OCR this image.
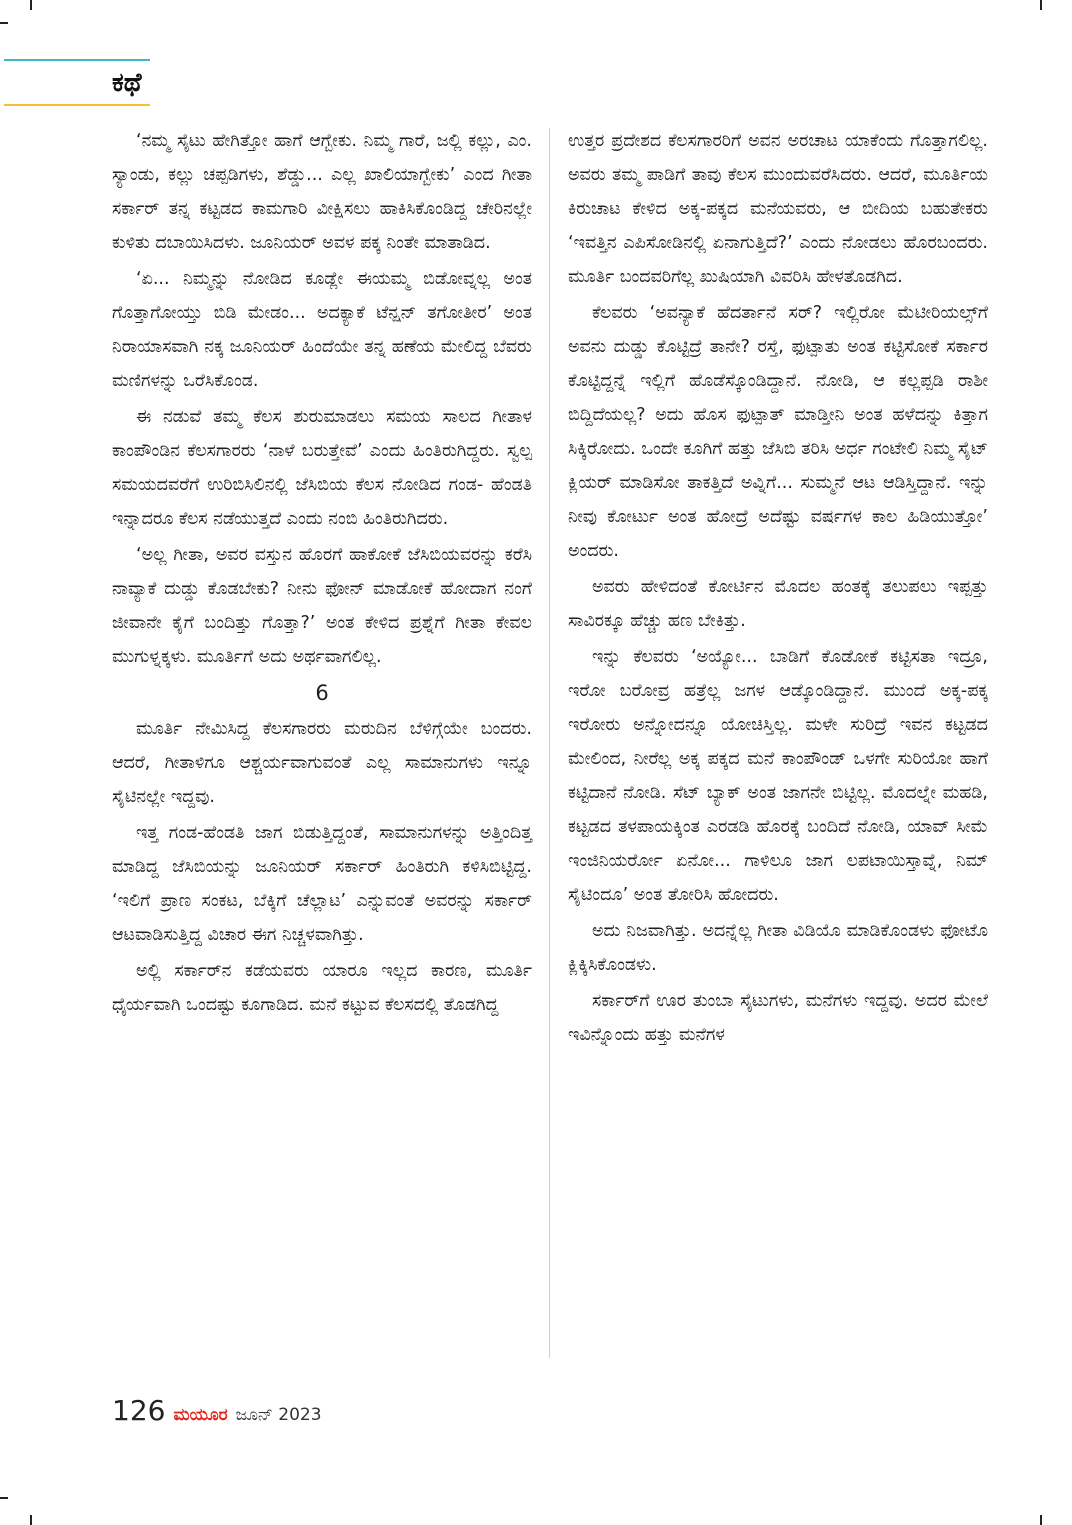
ಕಥೆ

‘ನಮ್ಮ ಸೈಟು ಹೇಗಿತ್ತೋ ಹಾಗೆ ಆಗ್ಬೇಕು. ನಿಮ್ಮ ಗಾರೆ, ಜಲ್ಲಿ ಕಲ್ಲು, ಎಂ. ಸ್ಯಾಂಡು, ಕಲ್ಲು ಚಪ್ಪಡಿಗಳು, ಶೆಡ್ಡು... ಎಲ್ಲ ಖಾಲಿಯಾಗ್ಬೇಕು’ ಎಂದ ಗೀತಾ ಸರ್ಕಾರ್ ತನ್ನ ಕಟ್ಟಡದ ಕಾಮಗಾರಿ ವೀಕ್ಷಿಸಲು ಹಾಕಿಸಿಕೊಂಡಿದ್ದ ಚೇರಿನಲ್ಲೇ ಕುಳಿತು ದಬಾಯಿಸಿದಳು. ಜೂನಿಯರ್ ಅವಳ ಪಕ್ಕ ನಿಂತೇ ಮಾತಾಡಿದ.

‘ಏ... ನಿಮ್ಮನ್ನು ನೋಡಿದ ಕೂಡ್ಲೇ ಈಯಮ್ಮ ಬಿಡೋವ್ನಲ್ಲ ಅಂತ ಗೊತ್ತಾಗೋಯ್ತು ಬಿಡಿ ಮೇಡಂ... ಅದಕ್ಯಾಕೆ ಟೆನ್ಷನ್ ತಗೋತೀರ’ ಅಂತ ನಿರಾಯಾಸವಾಗಿ ನಕ್ಕ ಜೂನಿಯರ್ ಹಿಂದೆಯೇ ತನ್ನ ಹಣೆಯ ಮೇಲಿದ್ದ ಬೆವರು ಮಣಿಗಳನ್ನು ಒರೆಸಿಕೊಂಡ.

ಈ ನಡುವೆ ತಮ್ಮ ಕೆಲಸ ಶುರುಮಾಡಲು ಸಮಯ ಸಾಲದ ಗೀತಾಳ ಕಾಂಪೌಂಡಿನ ಕೆಲಸಗಾರರು ‘ನಾಳೆ ಬರುತ್ತೇವೆ’ ಎಂದು ಹಿಂತಿರುಗಿದ್ದರು. ಸ್ವಲ್ಪ ಸಮಯದವರೆಗೆ ಉರಿಬಿಸಿಲಿನಲ್ಲಿ ಜೆಸಿಬಿಯ ಕೆಲಸ ನೋಡಿದ ಗಂಡ- ಹೆಂಡತಿ ಇನ್ನಾದರೂ ಕೆಲಸ ನಡೆಯುತ್ತದೆ ಎಂದು ನಂಬಿ ಹಿಂತಿರುಗಿದರು.

‘ಅಲ್ಲ ಗೀತಾ, ಅವರ ವಸ್ತುನ ಹೊರಗೆ ಹಾಕೋಕೆ ಜೆಸಿಬಿಯವರನ್ನು ಕರೆಸಿ ನಾವ್ಯಾಕೆ ದುಡ್ಡು ಕೊಡಬೇಕು? ನೀನು ಫೋನ್ ಮಾಡೋಕೆ ಹೋದಾಗ ನಂಗೆ ಜೀವಾನೇ ಕೈಗೆ ಬಂದಿತ್ತು ಗೊತ್ತಾ?’ ಅಂತ ಕೇಳಿದ ಪ್ರಶ್ನೆಗೆ ಗೀತಾ ಕೇವಲ ಮುಗುಳ್ನಕ್ಕಳು. ಮೂರ್ತಿಗೆ ಅದು ಅರ್ಥವಾಗಲಿಲ್ಲ.

6

ಮೂರ್ತಿ ನೇಮಿಸಿದ್ದ ಕೆಲಸಗಾರರು ಮರುದಿನ ಬೆಳಿಗ್ಗೆಯೇ ಬಂದರು. ಆದರೆ, ಗೀತಾಳಿಗೂ ಆಶ್ಚರ್ಯವಾಗುವಂತೆ ಎಲ್ಲ ಸಾಮಾನುಗಳು ಇನ್ನೂ ಸೈಟಿನಲ್ಲೇ ಇದ್ದವು.

ಇತ್ತ ಗಂಡ-ಹೆಂಡತಿ ಜಾಗ ಬಿಡುತ್ತಿದ್ದಂತೆ, ಸಾಮಾನುಗಳನ್ನು ಅತ್ತಿಂದಿತ್ತ ಮಾಡಿದ್ದ ಜೆಸಿಬಿಯನ್ನು ಜೂನಿಯರ್ ಸರ್ಕಾರ್ ಹಿಂತಿರುಗಿ ಕಳಿಸಿಬಿಟ್ಟಿದ್ದ. ‘ಇಲಿಗೆ ಪ್ರಾಣ ಸಂಕಟ, ಬೆಕ್ಕಿಗೆ ಚೆಲ್ಲಾಟ’ ಎನ್ನುವಂತೆ ಅವರನ್ನು ಸರ್ಕಾರ್ ಆಟವಾಡಿಸುತ್ತಿದ್ದ ವಿಚಾರ ಈಗ ನಿಚ್ಚಳವಾಗಿತ್ತು.

ಅಲ್ಲಿ ಸರ್ಕಾರ್‌ನ ಕಡೆಯವರು ಯಾರೂ ಇಲ್ಲದ ಕಾರಣ, ಮೂರ್ತಿ ಧೈರ್ಯವಾಗಿ ಒಂದಷ್ಟು ಕೂಗಾಡಿದ. ಮನೆ ಕಟ್ಟುವ ಕೆಲಸದಲ್ಲಿ ತೊಡಗಿದ್ದ

ಉತ್ತರ ಪ್ರದೇಶದ ಕೆಲಸಗಾರರಿಗೆ ಅವನ ಅರಚಾಟ ಯಾಕೆಂದು ಗೊತ್ತಾಗಲಿಲ್ಲ. ಅವರು ತಮ್ಮ ಪಾಡಿಗೆ ತಾವು ಕೆಲಸ ಮುಂದುವರೆಸಿದರು. ಆದರೆ, ಮೂರ್ತಿಯ ಕಿರುಚಾಟ ಕೇಳಿದ ಅಕ್ಕ-ಪಕ್ಕದ ಮನೆಯವರು, ಆ ಬೀದಿಯ ಬಹುತೇಕರು ‘ಇವತ್ತಿನ ಎಪಿಸೋಡಿನಲ್ಲಿ ಏನಾಗುತ್ತಿದೆ?’ ಎಂದು ನೋಡಲು ಹೊರಬಂದರು. ಮೂರ್ತಿ ಬಂದವರಿಗೆಲ್ಲ ಖುಷಿಯಾಗಿ ವಿವರಿಸಿ ಹೇಳತೊಡಗಿದ.

ಕೆಲವರು ‘ಅವನ್ಯಾಕೆ ಹೆದರ್ತಾನೆ ಸರ್? ಇಲ್ಲಿರೋ ಮೆಟೀರಿಯಲ್ಸ್‌ಗೆ ಅವನು ದುಡ್ಡು ಕೊಟ್ಟಿದ್ರೆ ತಾನೇ? ರಸ್ತೆ, ಫುಟ್ಪಾತು ಅಂತ ಕಟ್ಟಿಸೋಕೆ ಸರ್ಕಾರ ಕೊಟ್ಟಿದ್ದನ್ನೆ ಇಲ್ಲಿಗೆ ಹೊಡೆಸ್ಕೊಂಡಿದ್ದಾನೆ. ನೋಡಿ, ಆ ಕಲ್ಲಪ್ಪಡಿ ರಾಶೀ ಬಿದ್ದಿದೆಯಲ್ಲ? ಅದು ಹೊಸ ಫುಟ್ಪಾತ್ ಮಾಡ್ತೀನಿ ಅಂತ ಹಳೆದನ್ನು ಕಿತ್ತಾಗ ಸಿಕ್ಕಿರೋದು. ಒಂದೇ ಕೂಗಿಗೆ ಹತ್ತು ಜೆಸಿಬಿ ತರಿಸಿ ಅರ್ಧ ಗಂಟೇಲಿ ನಿಮ್ಮ ಸೈಟ್ ಕ್ಲಿಯರ್ ಮಾಡಿಸೋ ತಾಕತ್ತಿದೆ ಅವ್ನಿಗೆ... ಸುಮ್ಮನೆ ಆಟ ಆಡಿಸ್ತಿದ್ದಾನೆ. ಇನ್ನು ನೀವು ಕೋರ್ಟು ಅಂತ ಹೋದ್ರೆ ಅದೆಷ್ಟು ವರ್ಷಗಳ ಕಾಲ ಹಿಡಿಯುತ್ತೋ’ ಅಂದರು.

ಅವರು ಹೇಳಿದಂತೆ ಕೋರ್ಟಿನ ಮೊದಲ ಹಂತಕ್ಕೆ ತಲುಪಲು ಇಪ್ಪತ್ತು ಸಾವಿರಕ್ಕೂ ಹೆಚ್ಚು ಹಣ ಬೇಕಿತ್ತು.

ಇನ್ನು ಕೆಲವರು ‘ಅಯ್ಯೋ... ಬಾಡಿಗೆ ಕೊಡೋಕೆ ಕಟ್ಟಿಸತಾ ಇದ್ರೂ, ಇರೋ ಬರೋವ್ರ ಹತ್ರೆಲ್ಲ ಜಗಳ ಆಡ್ಕೊಂಡಿದ್ದಾನೆ. ಮುಂದೆ ಅಕ್ಕ-ಪಕ್ಕ ಇರೋರು ಅನ್ನೋದನ್ನೂ ಯೋಚಿಸ್ತಿಲ್ಲ. ಮಳೇ ಸುರಿದ್ರೆ ಇವನ ಕಟ್ಟಡದ ಮೇಲಿಂದ, ನೀರೆಲ್ಲ ಅಕ್ಕ ಪಕ್ಕದ ಮನೆ ಕಾಂಪೌಂಡ್ ಒಳಗೇ ಸುರಿಯೋ ಹಾಗೆ ಕಟ್ಟಿದಾನೆ ನೋಡಿ. ಸೆಟ್ ಬ್ಯಾಕ್ ಅಂತ ಜಾಗನೇ ಬಿಟ್ಟಿಲ್ಲ. ಮೊದಲ್ನೇ ಮಹಡಿ, ಕಟ್ಟಡದ ತಳಪಾಯಕ್ಕಿಂತ ಎರಡಡಿ ಹೊರಕ್ಕೆ ಬಂದಿದೆ ನೋಡಿ, ಯಾವ್ ಸೀಮೆ ಇಂಜಿನಿಯರ್ರೋ ಏನೋ... ಗಾಳಿಲೂ ಜಾಗ ಲಪಟಾಯಿಸ್ತಾವ್ನೆ, ನಿಮ್ ಸೈಟಿಂದೂ’ ಅಂತ ತೋರಿಸಿ ಹೋದರು.

ಅದು ನಿಜವಾಗಿತ್ತು. ಅದನ್ನೆಲ್ಲ ಗೀತಾ ವಿಡಿಯೊ ಮಾಡಿಕೊಂಡಳು ಫೋಟೊ ಕ್ಲಿಕ್ಕಿಸಿಕೊಂಡಳು.

ಸರ್ಕಾರ್‌ಗೆ ಊರ ತುಂಬಾ ಸೈಟುಗಳು, ಮನೆಗಳು ಇದ್ದವು. ಅದರ ಮೇಲೆ ಇವಿನ್ನೊಂದು ಹತ್ತು ಮನೆಗಳ

126 ಮಯೂರ ಜೂನ್ 2023
